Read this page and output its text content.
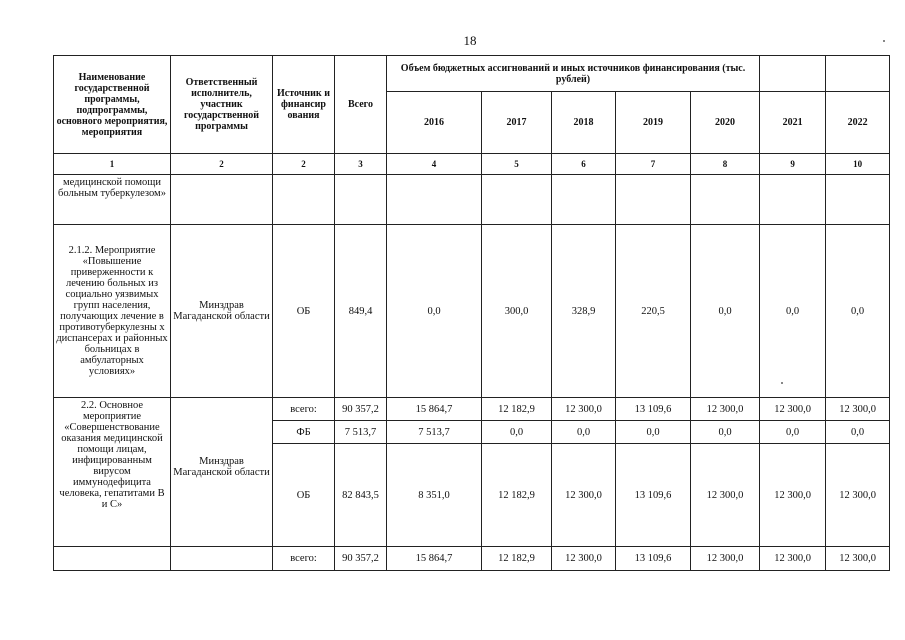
18
Наименование государственной программы, подпрограммы, основного мероприятия, мероприятия	Ответственный исполнитель, участник государственной программы	Источник и финансир ования	Всего	Объем бюджетных ассигнований и иных источников финансирования (тыс. рублей)						
				2016	2017	2018	2019	2020	2021	2022
1	2	2	3	4	5	6	7	8	9	10
медицинской помощи больным туберкулезом»										
2.1.2. Мероприятие «Повышение приверженности к лечению больных из социально уязвимых групп населения, получающих лечение в противотуберкулезны х диспансерах и районных больницах в амбулаторных условиях»	Минздрав Магаданской области	ОБ	849,4	0,0	300,0	328,9	220,5	0,0	0,0	0,0
2.2. Основное мероприятие «Совершенствование оказания медицинской помощи лицам, инфицированным вирусом иммунодефицита человека, гепатитами В и С»	Минздрав Магаданской области	всего:	90 357,2	15 864,7	12 182,9	12 300,0	13 109,6	12 300,0	12 300,0	12 300,0
		ФБ	7 513,7	7 513,7	0,0	0,0	0,0	0,0	0,0	0,0
		ОБ	82 843,5	8 351,0	12 182,9	12 300,0	13 109,6	12 300,0	12 300,0	12 300,0
		всего:	90 357,2	15 864,7	12 182,9	12 300,0	13 109,6	12 300,0	12 300,0	12 300,0
